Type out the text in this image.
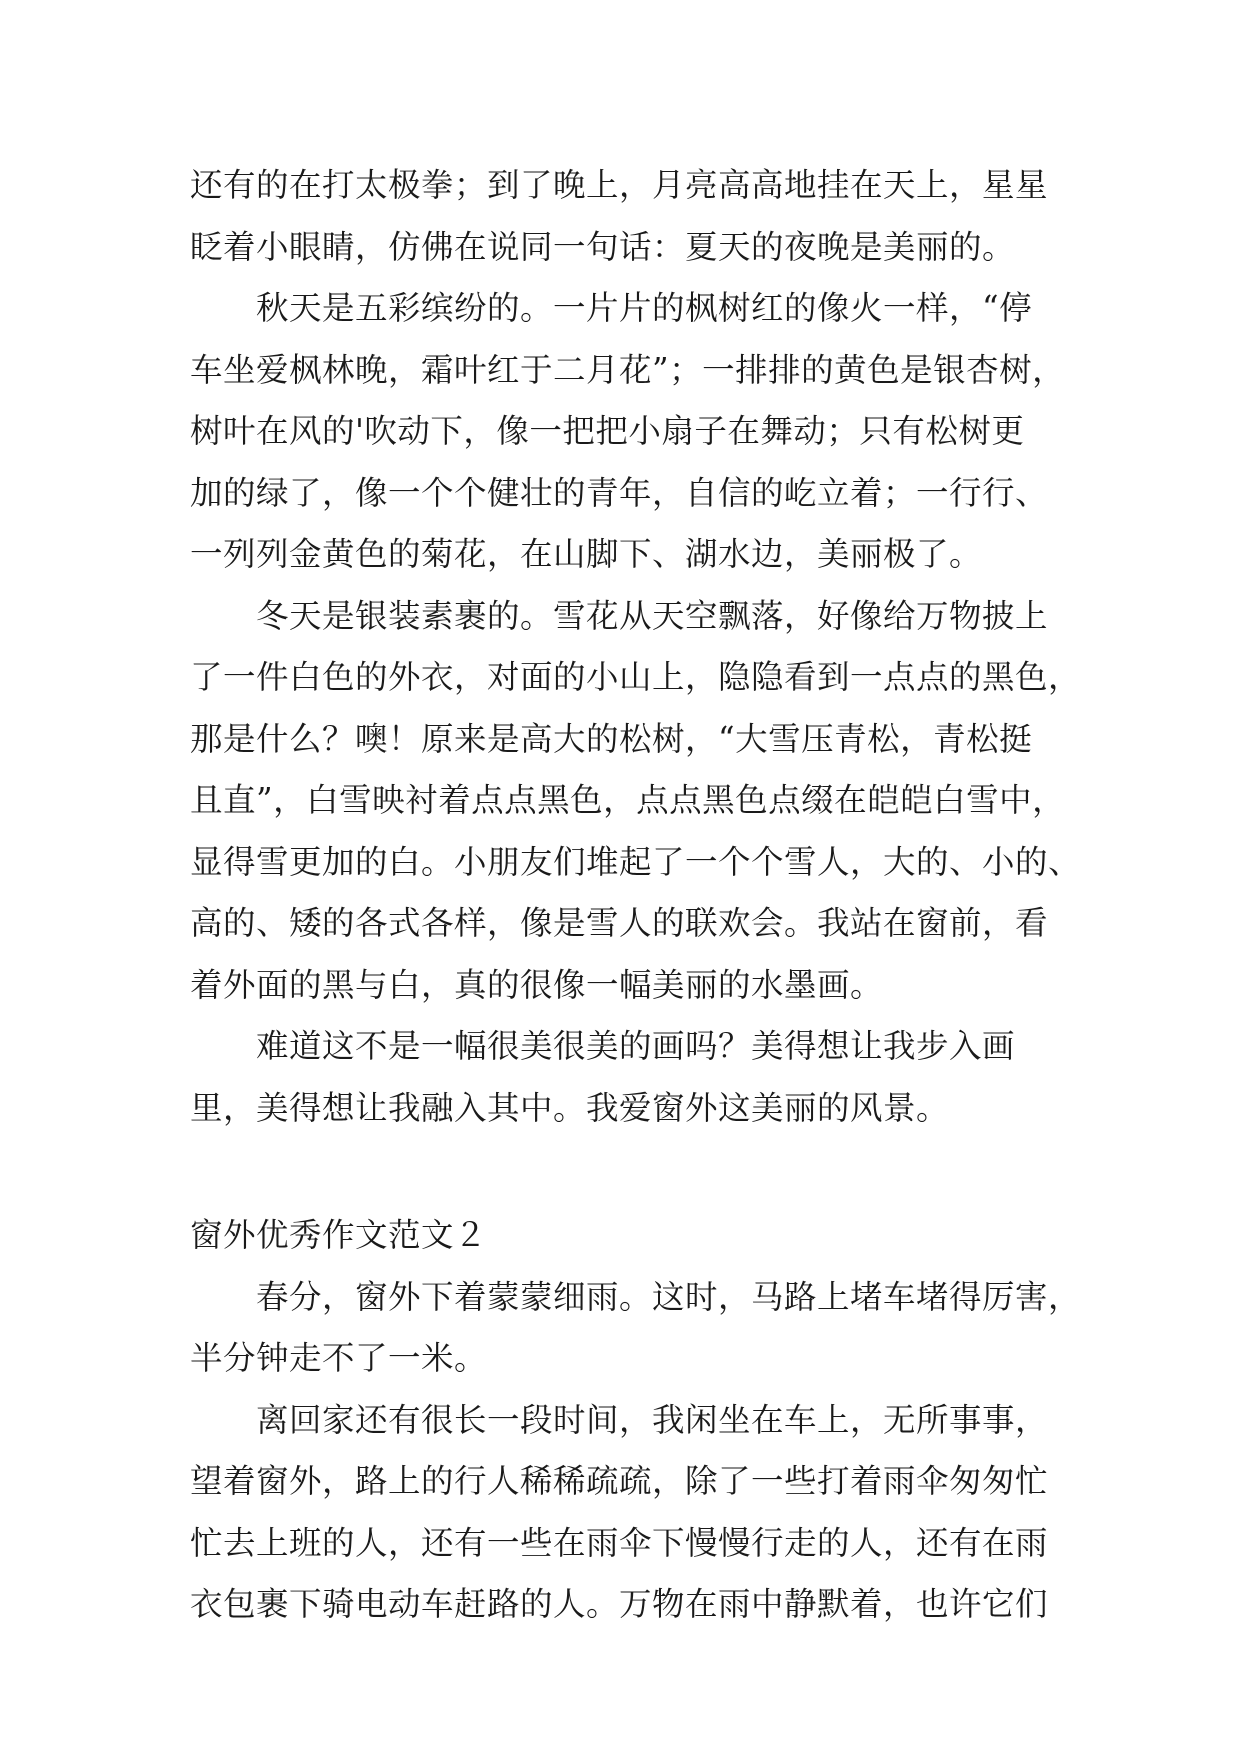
还有的在打太极拳；到了晚上，月亮高高地挂在天上，星星
眨着小眼睛，仿佛在说同一句话：夏天的夜晚是美丽的。
　　秋天是五彩缤纷的。一片片的枫树红的像火一样，“停
车坐爱枫林晚，霜叶红于二月花”；一排排的黄色是银杏树，
树叶在风的'吹动下，像一把把小扇子在舞动；只有松树更
加的绿了，像一个个健壮的青年，自信的屹立着；一行行、
一列列金黄色的菊花，在山脚下、湖水边，美丽极了。
　　冬天是银装素裹的。雪花从天空飘落，好像给万物披上
了一件白色的外衣，对面的小山上，隐隐看到一点点的黑色，
那是什么？噢！原来是高大的松树，“大雪压青松，青松挺
且直”，白雪映衬着点点黑色，点点黑色点缀在皑皑白雪中，
显得雪更加的白。小朋友们堆起了一个个雪人，大的、小的、
高的、矮的各式各样，像是雪人的联欢会。我站在窗前，看
着外面的黑与白，真的很像一幅美丽的水墨画。
　　难道这不是一幅很美很美的画吗？美得想让我步入画
里，美得想让我融入其中。我爱窗外这美丽的风景。
窗外优秀作文范文２
　　春分，窗外下着蒙蒙细雨。这时，马路上堵车堵得厉害，
半分钟走不了一米。
　　离回家还有很长一段时间，我闲坐在车上，无所事事，
望着窗外，路上的行人稀稀疏疏，除了一些打着雨伞匆匆忙
忙去上班的人，还有一些在雨伞下慢慢行走的人，还有在雨
衣包裹下骑电动车赶路的人。万物在雨中静默着，也许它们
